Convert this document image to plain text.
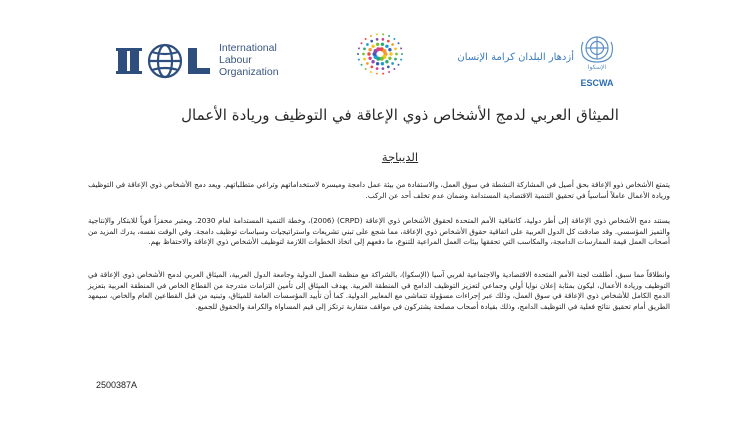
International
Labour
Organization
أزدهار البلدان كرامة الإنسان
الإسكوا
ESCWA
الميثاق العربي لدمج الأشخاص ذوي الإعاقة في التوظيف وريادة الأعمال
الديباجة

يتمتع الأشخاص ذوو الإعاقة بحق أصيل في المشاركة النشطة في سوق العمل، والاستفادة من بيئة عمل دامجة وميسرة لاستخداماتهم وتراعي متطلباتهم. ويعد دمج الأشخاص ذوي الإعاقة في التوظيف وريادة الأعمال عاملاً أساسياً في تحقيق التنمية الاقتصادية المستدامة وضمان عدم تخلف أحد عن الركب.

يستند دمج الأشخاص ذوي الإعاقة إلى أطر دولية، كاتفاقية الأمم المتحدة لحقوق الأشخاص ذوي الإعاقة (CRPD) (2006)، وخطة التنمية المستدامة لعام 2030، ويعتبر محفزاً قوياً للابتكار والإنتاجية والتميز المؤسسي. وقد صادقت كل الدول العربية على اتفاقية حقوق الأشخاص ذوي الإعاقة، مما شجع على تبني تشريعات واستراتيجيات وسياسات توظيف دامجة. وفي الوقت نفسه، يدرك المزيد من أصحاب العمل قيمة الممارسات الدامجة، والمكاسب التي تحققها بيئات العمل المراعية للتنوع، ما دفعهم إلى اتخاذ الخطوات اللازمة لتوظيف الأشخاص ذوي الإعاقة والاحتفاظ بهم.

وانطلاقاً مما سبق، أطلقت لجنة الأمم المتحدة الاقتصادية والاجتماعية لغربي آسيا (الإسكوا)، بالشراكة مع منظمة العمل الدولية وجامعة الدول العربية، الميثاق العربي لدمج الأشخاص ذوي الإعاقة في التوظيف وريادة الأعمال، ليكون بمثابة إعلان نوايا أولي وجماعي لتعزيز التوظيف الدامج في المنطقة العربية. يهدف الميثاق إلى تأمين التزامات متدرجة من القطاع الخاص في المنطقة العربية بتعزيز الدمج الكامل للأشخاص ذوي الإعاقة في سوق العمل، وذلك عبر إجراءات مسؤولة تتماشى مع المعايير الدولية. كما أن تأييد المؤسسات العامة للميثاق، وتبنيه من قبل القطاعين العام والخاص، سيمهد الطريق أمام تحقيق نتائج فعلية في التوظيف الدامج، وذلك بقيادة أصحاب مصلحة يشتركون في مواقف متقاربة ترتكز إلى قيم المساواة والكرامة والحقوق للجميع.

2500387A
